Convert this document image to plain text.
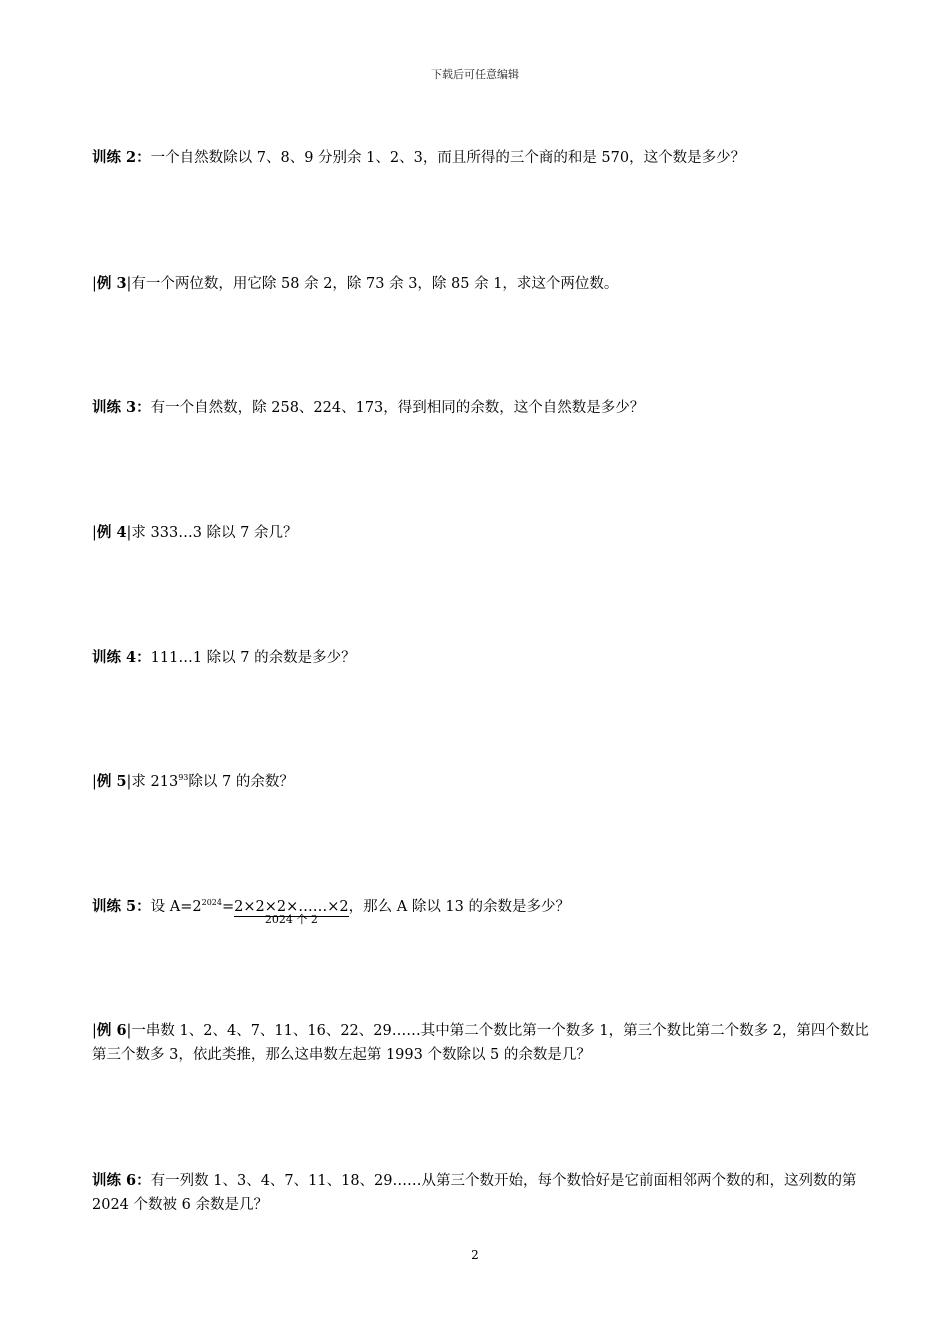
下载后可任意编辑
训练 2：一个自然数除以 7、8、9 分别余 1、2、3，而且所得的三个商的和是 570，这个数是多少？
|例 3|有一个两位数，用它除 58 余 2，除 73 余 3，除 85 余 1，求这个两位数。
训练 3：有一个自然数，除 258、224、173，得到相同的余数，这个自然数是多少？
|例 4|求 333…3 除以 7 余几？
训练 4：111…1 除以 7 的余数是多少？
|例 5|求 $213^{93}$除以 7 的余数？
训练 5：设 $A=2^{2024}=2\times 2\times 2\times\dots\dots\times 2$
2024 个 2
，那么 A 除以 13 的余数是多少？
|例 6|一串数 1、2、4、7、11、16、22、29……其中第二个数比第一个数多 1，第三个数比第二个数多 2，第四个数比第三个数多 3，依此类推，那么这串数左起第 1993 个数除以 5 的余数是几？
训练 6：有一列数 1、3、4、7、11、18、29……从第三个数开始，每个数恰好是它前面相邻两个数的和，这列数的第 2024 个数被 6 余数是几？
2
